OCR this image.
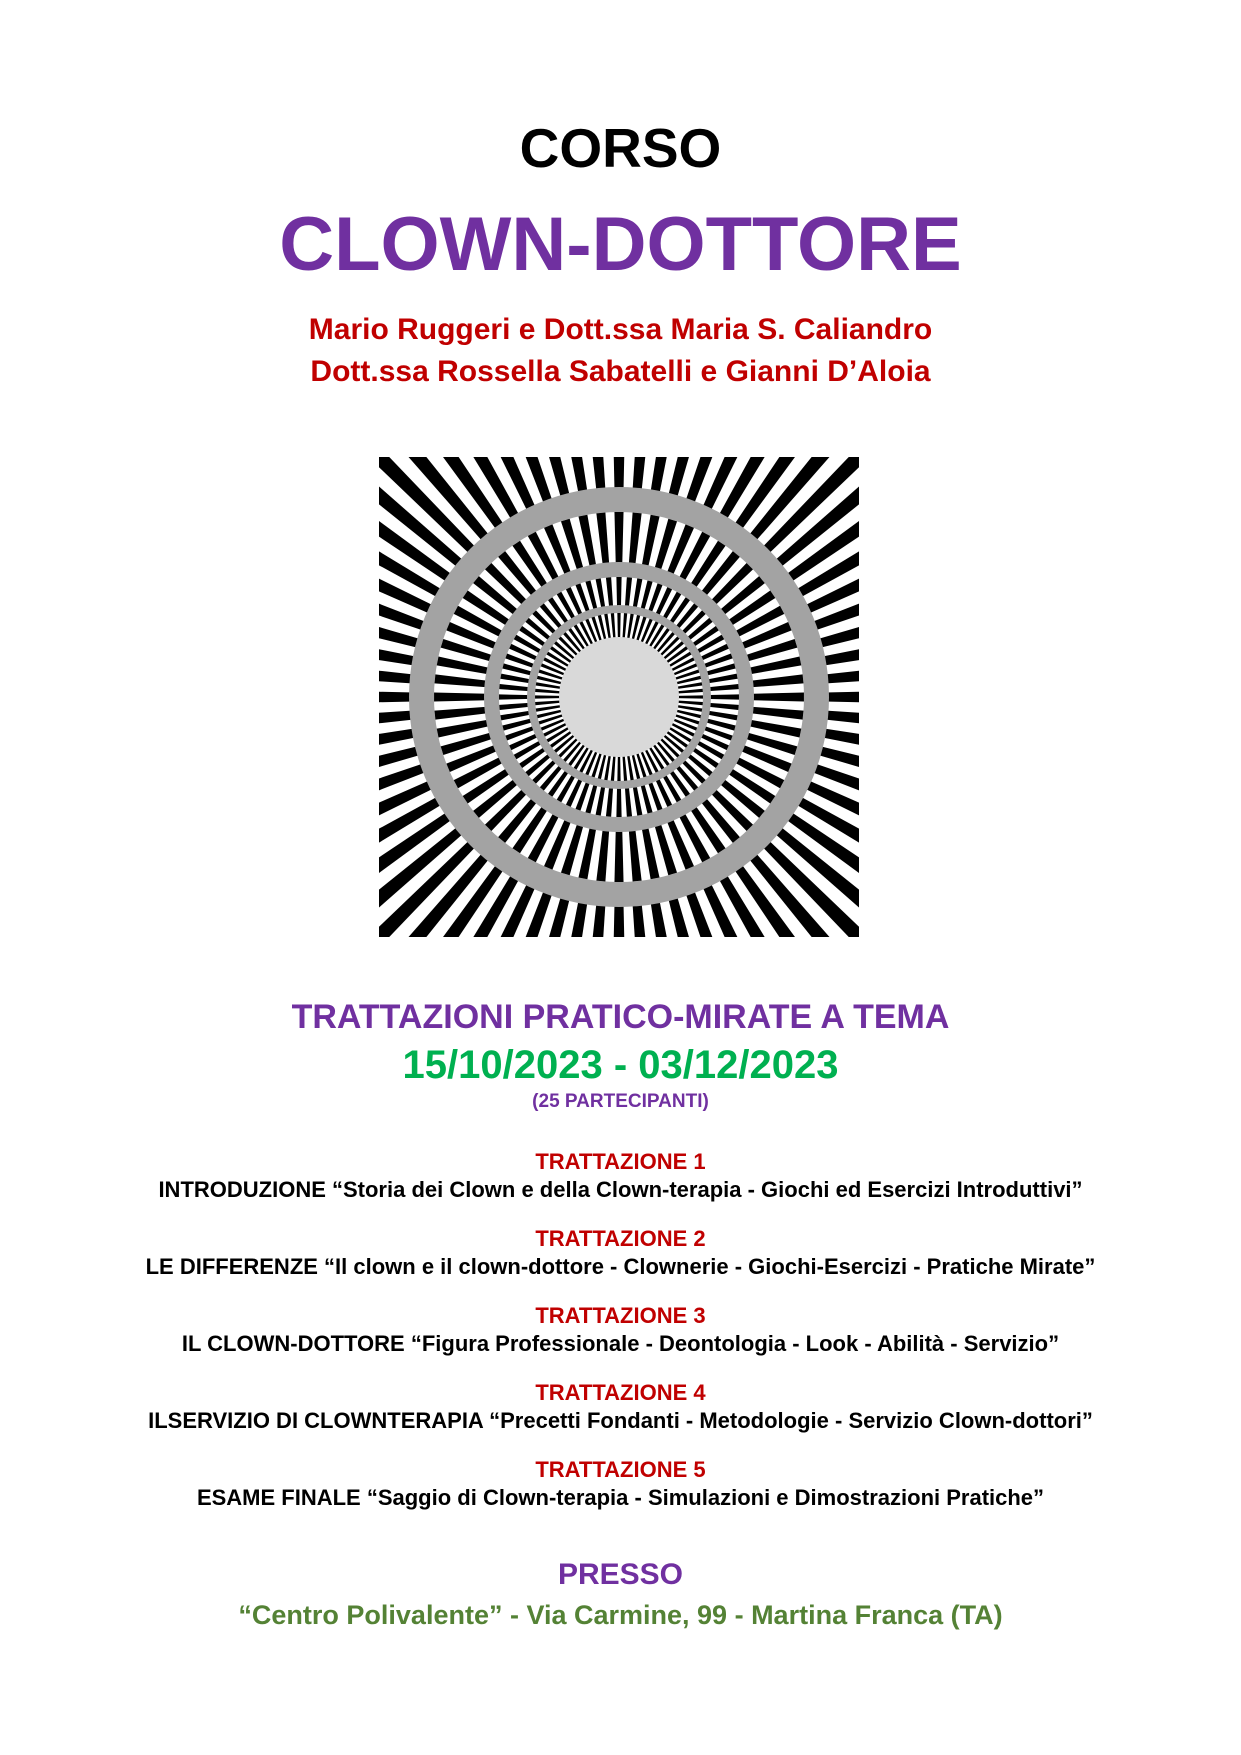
CORSO
CLOWN-DOTTORE
Mario Ruggeri e Dott.ssa Maria S. Caliandro
Dott.ssa Rossella Sabatelli e Gianni D’Aloia
TRATTAZIONI PRATICO-MIRATE A TEMA
15/10/2023 - 03/12/2023
(25 PARTECIPANTI)
TRATTAZIONE 1
INTRODUZIONE “Storia dei Clown e della Clown-terapia - Giochi ed Esercizi Introduttivi”
TRATTAZIONE 2
LE DIFFERENZE “Il clown e il clown-dottore - Clownerie - Giochi-Esercizi - Pratiche Mirate”
TRATTAZIONE 3
IL CLOWN-DOTTORE “Figura Professionale - Deontologia - Look - Abilità - Servizio”
TRATTAZIONE 4
ILSERVIZIO DI CLOWNTERAPIA “Precetti Fondanti - Metodologie - Servizio Clown-dottori”
TRATTAZIONE 5
ESAME FINALE “Saggio di Clown-terapia - Simulazioni e Dimostrazioni Pratiche”
PRESSO
“Centro Polivalente” - Via Carmine, 99 - Martina Franca (TA)
